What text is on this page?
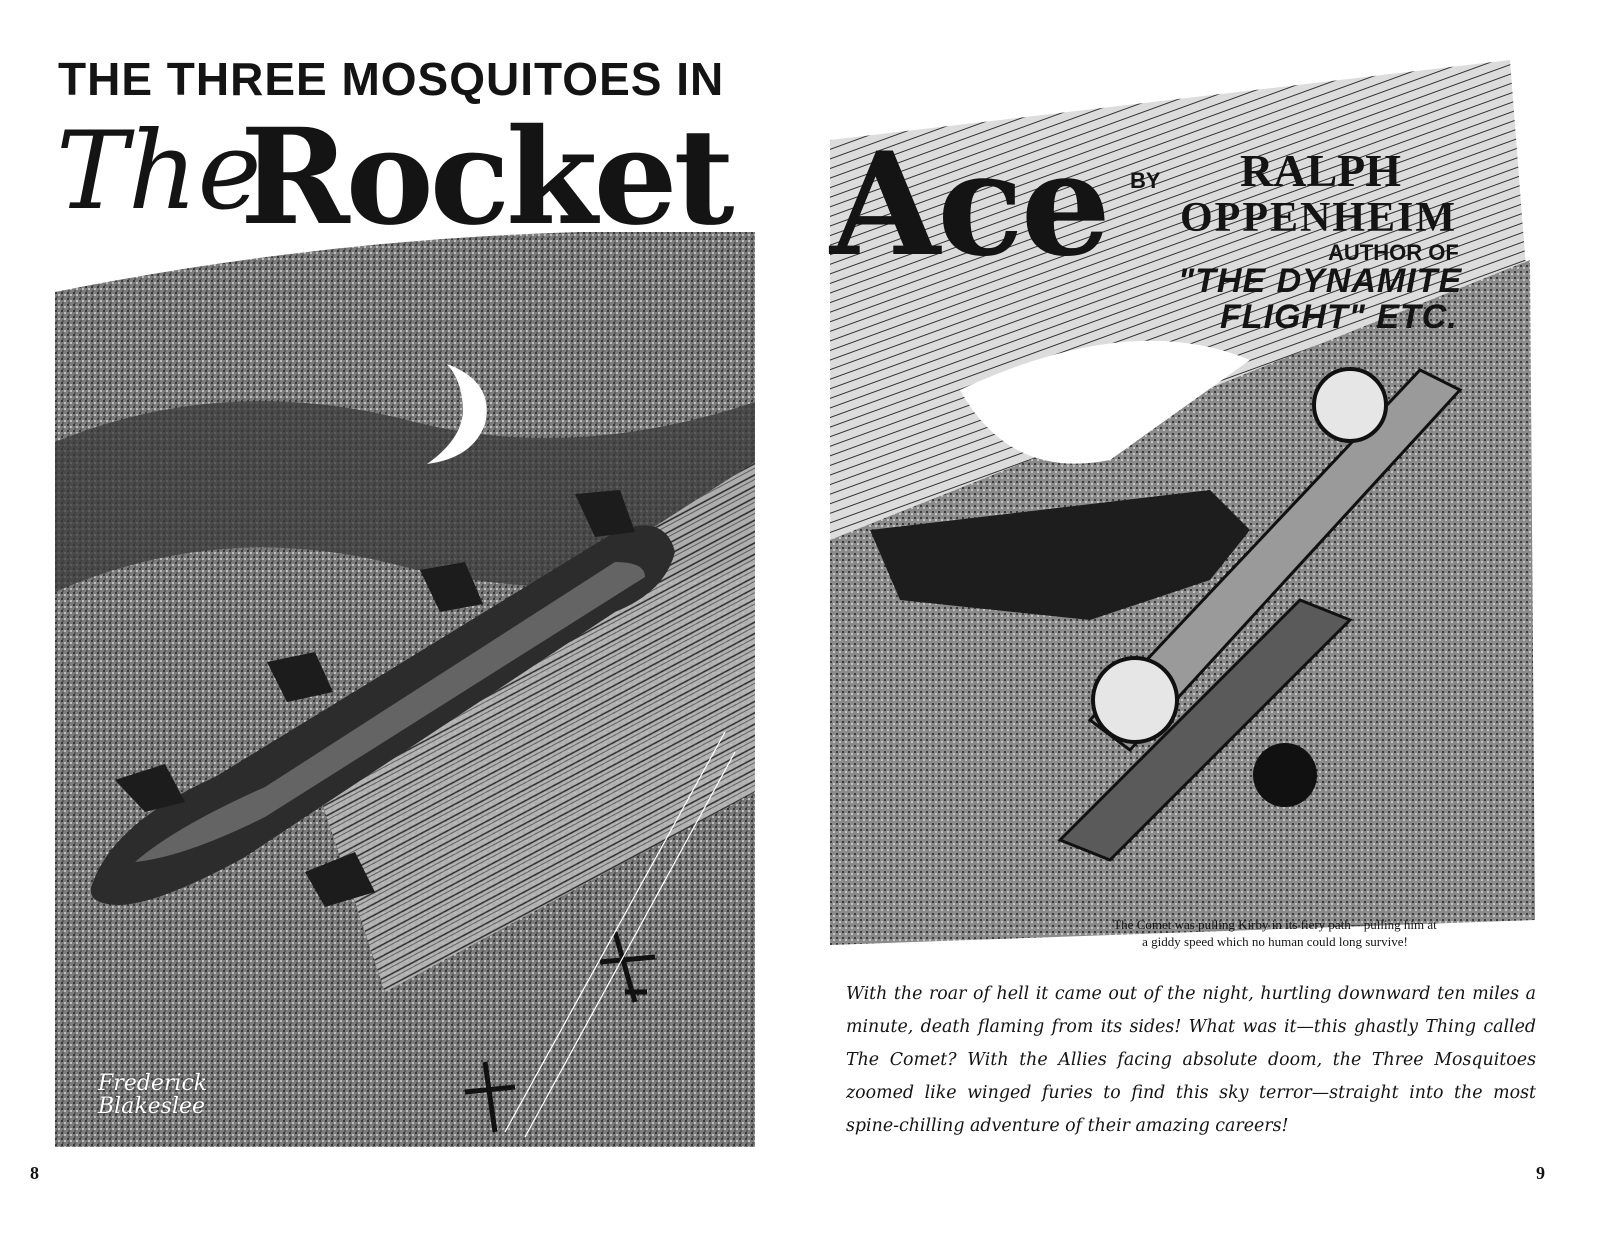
THE THREE MOSQUITOES IN
The
Rocket
Frederick
Blakeslee
8
Ace BY RALPH
OPPENHEIM
AUTHOR OF
"THE DYNAMITE
FLIGHT" ETC.
The Comet was pulling Kirby in its fiery path—pulling him at
a giddy speed which no human could long survive!
With the roar of hell it came out of the night, hurtling downward ten miles a minute, death flaming from its sides! What was it—this ghastly Thing called The Comet? With the Allies facing absolute doom, the Three Mosquitoes zoomed like winged furies to find this sky terror—straight into the most spine-chilling adventure of their amazing careers!
9
